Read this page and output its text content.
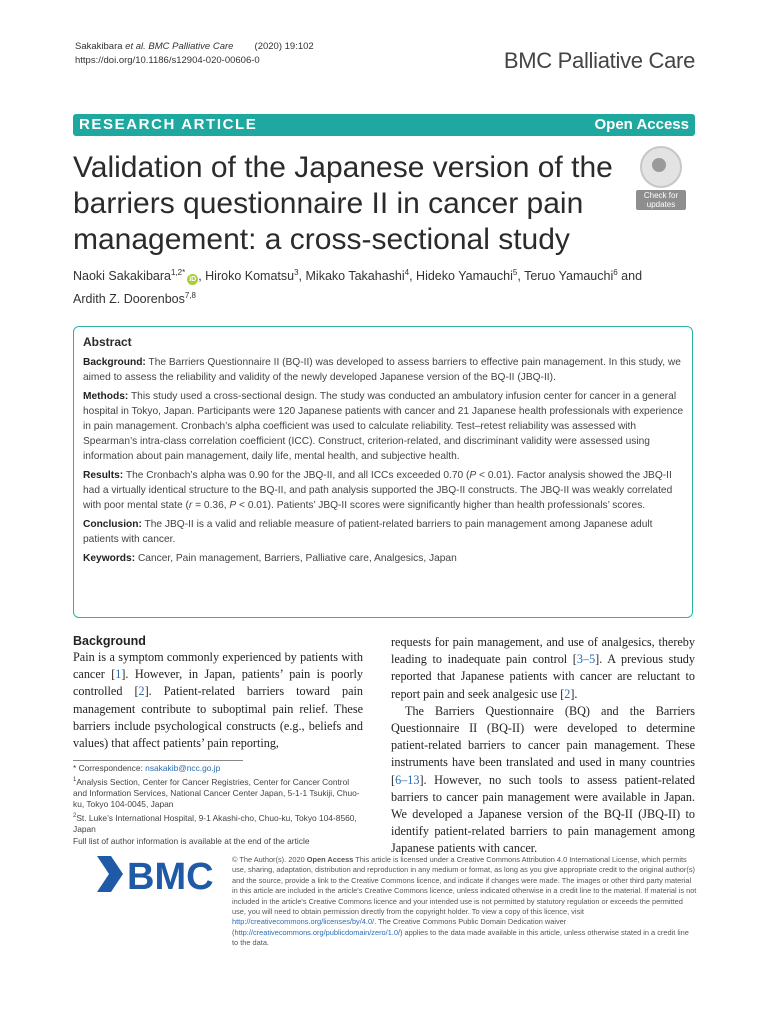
Sakakibara et al. BMC Palliative Care (2020) 19:102
https://doi.org/10.1186/s12904-020-00606-0	BMC Palliative Care
RESEARCH ARTICLE	Open Access
Validation of the Japanese version of the barriers questionnaire II in cancer pain management: a cross-sectional study
Check for updates
Naoki Sakakibara$^{1,2*}$iD , Hiroko Komatsu$^3$, Mikako Takahashi$^4$, Hideko Yamauchi$^5$, Teruo Yamauchi$^6$ and
Ardith Z. Doorenbos$^{7,8}$
Abstract

Background: The Barriers Questionnaire II (BQ-II) was developed to assess barriers to effective pain management. In this study, we aimed to assess the reliability and validity of the newly developed Japanese version of the BQ-II (JBQ-II).

Methods: This study used a cross-sectional design. The study was conducted an ambulatory infusion center for cancer in a general hospital in Tokyo, Japan. Participants were 120 Japanese patients with cancer and 21 Japanese health professionals with experience in pain management. Cronbach’s alpha coefficient was used to calculate reliability. Test–retest reliability was assessed with Spearman’s intra-class correlation coefficient (ICC). Construct, criterion-related, and discriminant validity were assessed using information about pain management, daily life, mental health, and subjective health.

Results: The Cronbach’s alpha was 0.90 for the JBQ-II, and all ICCs exceeded 0.70 (P < 0.01). Factor analysis showed the JBQ-II had a virtually identical structure to the BQ-II, and path analysis supported the JBQ-II constructs. The JBQ-II was weakly correlated with poor mental state (r = 0.36, P < 0.01). Patients’ JBQ-II scores were significantly higher than health professionals’ scores.

Conclusion: The JBQ-II is a valid and reliable measure of patient-related barriers to pain management among Japanese adult patients with cancer.

Keywords: Cancer, Pain management, Barriers, Palliative care, Analgesics, Japan

Background

Pain is a symptom commonly experienced by patients with cancer [1]. However, in Japan, patients’ pain is poorly controlled [2]. Patient-related barriers toward pain management contribute to suboptimal pain relief. These barriers include psychological constructs (e.g., beliefs and values) that affect patients’ pain reporting,

requests for pain management, and use of analgesics, thereby leading to inadequate pain control [3–5]. A previous study reported that Japanese patients with cancer are reluctant to report pain and seek analgesic use [2].

The Barriers Questionnaire (BQ) and the Barriers Questionnaire II (BQ-II) were developed to determine patient-related barriers to cancer pain management. These instruments have been translated and used in many countries [6–13]. However, no such tools to assess patient-related barriers to cancer pain management were available in Japan. We developed a Japanese version of the BQ-II (JBQ-II) to identify patient-related barriers to pain management among Japanese patients with cancer.

* Correspondence: nsakakib@ncc.go.jp

$^1$Analysis Section, Center for Cancer Registries, Center for Cancer Control and Information Services, National Cancer Center Japan, 5-1-1 Tsukiji, Chuo-ku, Tokyo 104-0045, Japan

$^2$St. Luke’s International Hospital, 9-1 Akashi-cho, Chuo-ku, Tokyo 104-8560, Japan

Full list of author information is available at the end of the article

BMC © The Author(s). 2020 Open Access This article is licensed under a Creative Commons Attribution 4.0 International License, which permits use, sharing, adaptation, distribution and reproduction in any medium or format, as long as you give appropriate credit to the original author(s) and the source, provide a link to the Creative Commons licence, and indicate if changes were made. The images or other third party material in this article are included in the article's Creative Commons licence, unless indicated otherwise in a credit line to the material. If material is not included in the article's Creative Commons licence and your intended use is not permitted by statutory regulation or exceeds the permitted use, you will need to obtain permission directly from the copyright holder. To view a copy of this licence, visit http://creativecommons.org/licenses/by/4.0/. The Creative Commons Public Domain Dedication waiver (http://creativecommons.org/publicdomain/zero/1.0/) applies to the data made available in this article, unless otherwise stated in a credit line to the data.
